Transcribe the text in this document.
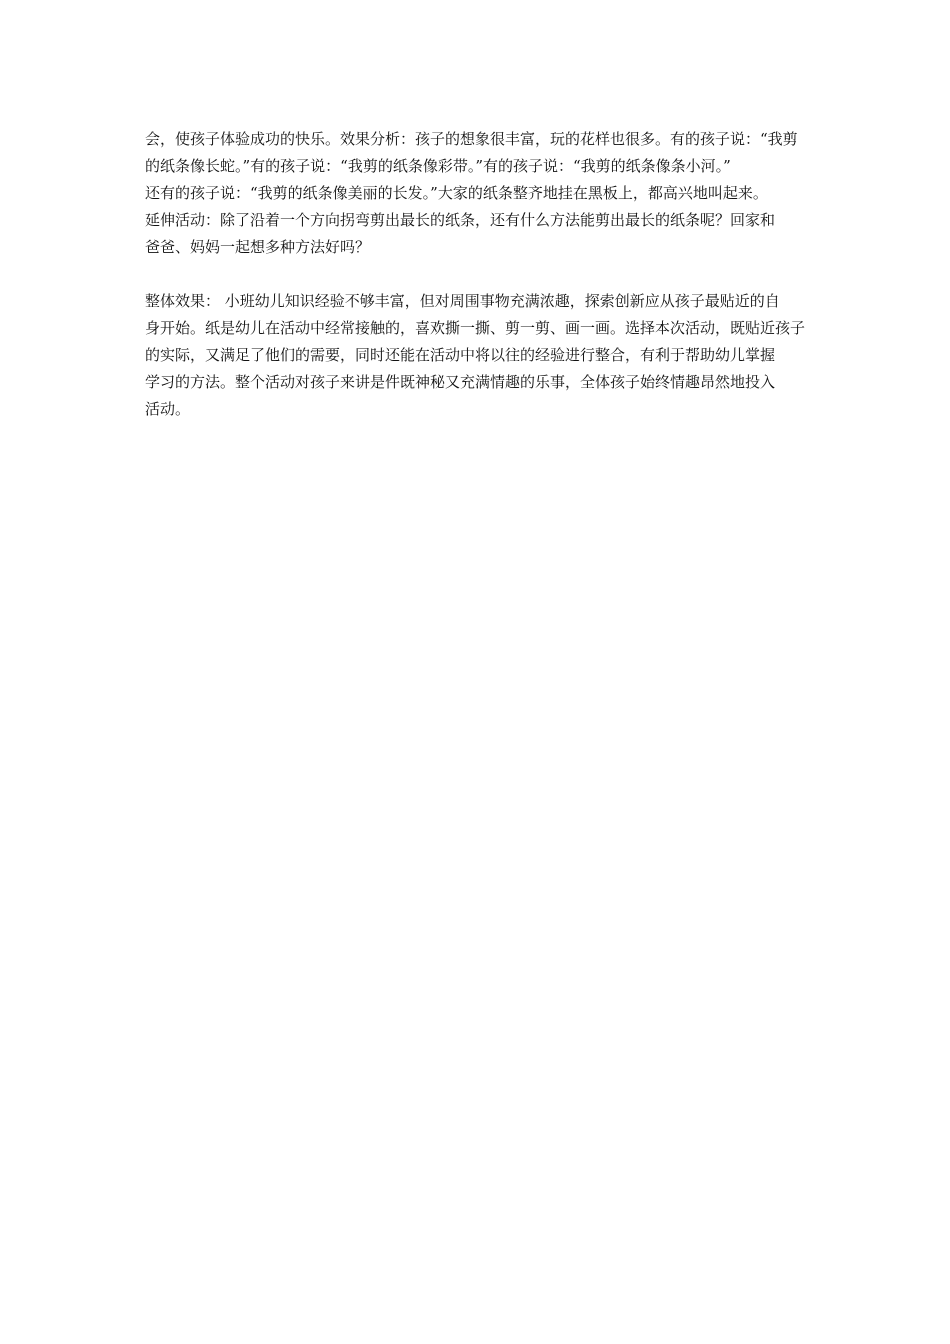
会，使孩子体验成功的快乐。效果分析：孩子的想象很丰富，玩的花样也很多。有的孩子说：“我剪
的纸条像长蛇。”有的孩子说：“我剪的纸条像彩带。”有的孩子说：“我剪的纸条像条小河。”
还有的孩子说：“我剪的纸条像美丽的长发。”大家的纸条整齐地挂在黑板上，都高兴地叫起来。
延伸活动：除了沿着一个方向拐弯剪出最长的纸条，还有什么方法能剪出最长的纸条呢？回家和
爸爸、妈妈一起想多种方法好吗？

整体效果： 小班幼儿知识经验不够丰富，但对周围事物充满浓趣，探索创新应从孩子最贴近的自
身开始。纸是幼儿在活动中经常接触的，喜欢撕一撕、剪一剪、画一画。选择本次活动，既贴近孩子
的实际，又满足了他们的需要，同时还能在活动中将以往的经验进行整合，有利于帮助幼儿掌握
学习的方法。整个活动对孩子来讲是件既神秘又充满情趣的乐事，全体孩子始终情趣昂然地投入
活动。
